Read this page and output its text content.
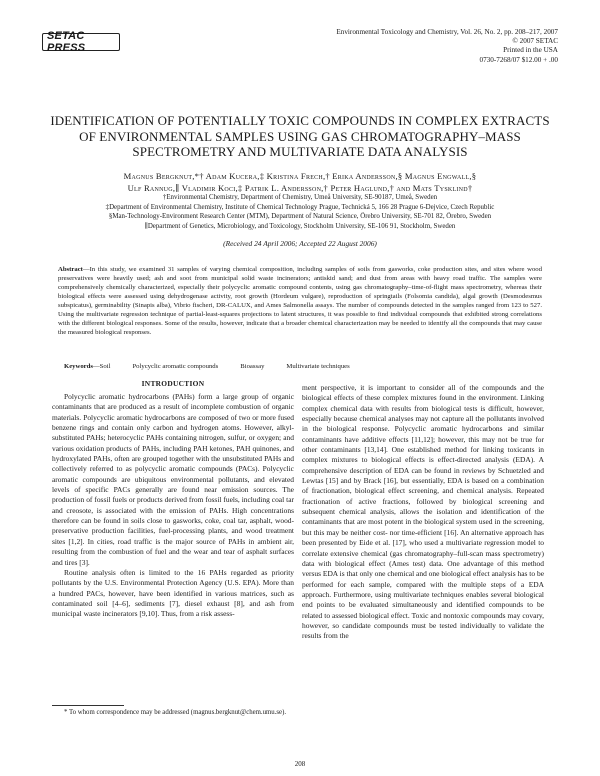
SETAC PRESS
Environmental Toxicology and Chemistry, Vol. 26, No. 2, pp. 208–217, 2007
© 2007 SETAC
Printed in the USA
0730-7268/07 $12.00 + .00
IDENTIFICATION OF POTENTIALLY TOXIC COMPOUNDS IN COMPLEX EXTRACTS
OF ENVIRONMENTAL SAMPLES USING GAS CHROMATOGRAPHY–MASS
SPECTROMETRY AND MULTIVARIATE DATA ANALYSIS
Magnus Bergknut,*† Adam Kucera,‡ Kristina Frech,† Erika Andersson,§ Magnus Engwall,§
Ulf Rannug,∥ Vladimir Koci,‡ Patrik L. Andersson,† Peter Haglund,† and Mats Tysklind†
†Environmental Chemistry, Department of Chemistry, Umeå University, SE-90187, Umeå, Sweden
‡Department of Environmental Chemistry, Institute of Chemical Technology Prague, Technická 5, 166 28 Prague 6-Dejvice, Czech Republic
§Man-Technology-Environment Research Center (MTM), Department of Natural Science, Örebro University, SE-701 82, Örebro, Sweden
∥Department of Genetics, Microbiology, and Toxicology, Stockholm University, SE-106 91, Stockholm, Sweden
(Received 24 April 2006; Accepted 22 August 2006)
Abstract—In this study, we examined 31 samples of varying chemical composition, including samples of soils from gasworks, coke production sites, and sites where wood preservatives were heavily used; ash and soot from municipal solid waste incinerators; antiskid sand; and dust from areas with heavy road traffic. The samples were comprehensively chemically characterized, especially their polycyclic aromatic compound contents, using gas chromatography–time-of-flight mass spectrometry, whereas their biological effects were assessed using dehydrogenase activity, root growth (Hordeum vulgare), reproduction of springtails (Folsomia candida), algal growth (Desmodesmus subspicatus), germinability (Sinapis alba), Vibrio fischeri, DR-CALUX, and Ames Salmonella assays. The number of compounds detected in the samples ranged from 123 to 527. Using the multivariate regression technique of partial-least-squares projections to latent structures, it was possible to find individual compounds that exhibited strong correlations with the different biological responses. Some of the results, however, indicate that a broader chemical characterization may be needed to identify all the compounds that may cause the measured biological responses.
Keywords—Soil	Polycyclic aromatic compounds	Bioassay	Multivariate techniques
INTRODUCTION

Polycyclic aromatic hydrocarbons (PAHs) form a large group of organic contaminants that are produced as a result of incomplete combustion of organic materials. Polycyclic aromatic hydrocarbons are composed of two or more fused benzene rings and contain only carbon and hydrogen atoms. However, alkyl-substituted PAHs; heterocyclic PAHs containing nitrogen, sulfur, or oxygen; and various oxidation products of PAHs, including PAH ketones, PAH quinones, and hydroxylated PAHs, often are grouped together with the unsubstituted PAHs and collectively referred to as polycyclic aromatic compounds (PACs). Polycyclic aromatic compounds are ubiquitous environmental pollutants, and elevated levels of specific PACs generally are found near emission sources. The production of fossil fuels or products derived from fossil fuels, including coal tar and creosote, is associated with the emission of PAHs. High concentrations therefore can be found in soils close to gasworks, coke, coal tar, asphalt, wood-preservative production facilities, fuel-processing plants, and wood treatment sites [1,2]. In cities, road traffic is the major source of PAHs in ambient air, resulting from the combustion of fuel and the wear and tear of asphalt surfaces and tires [3].

Routine analysis often is limited to the 16 PAHs regarded as priority pollutants by the U.S. Environmental Protection Agency (U.S. EPA). More than a hundred PACs, however, have been identified in various matrices, such as contaminated soil [4–6], sediments [7], diesel exhaust [8], and ash from municipal waste incinerators [9,10]. Thus, from a risk assess-

ment perspective, it is important to consider all of the compounds and the biological effects of these complex mixtures found in the environment. Linking complex chemical data with results from biological tests is difficult, however, especially because chemical analyses may not capture all the pollutants involved in the biological response. Polycyclic aromatic hydrocarbons and similar contaminants have additive effects [11,12]; however, this may not be true for other contaminants [13,14]. One established method for linking toxicants in complex mixtures to biological effects is effect-directed analysis (EDA). A comprehensive description of EDA can be found in reviews by Schuetzled and Lewtas [15] and by Brack [16], but essentially, EDA is based on a combination of fractionation, biological effect screening, and chemical analysis. Repeated fractionation of active fractions, followed by biological screening and subsequent chemical analysis, allows the isolation and identification of the contaminants that are most potent in the biological system used in the screening, but this may be neither cost- nor time-efficient [16]. An alternative approach has been presented by Eide et al. [17], who used a multivariate regression model to correlate extensive chemical (gas chromatography–full-scan mass spectrometry) data with biological effect (Ames test) data. One advantage of this method versus EDA is that only one chemical and one biological effect analysis has to be performed for each sample, compared with the multiple steps of a EDA approach. Furthermore, using multivariate techniques enables several biological end points to be evaluated simultaneously and identified compounds to be related to assessed biological effect. Toxic and nontoxic compounds may covary, however, so candidate compounds must be tested individually to validate the results from the

* To whom correspondence may be addressed (magnus.bergknut@chem.umu.se).
208
